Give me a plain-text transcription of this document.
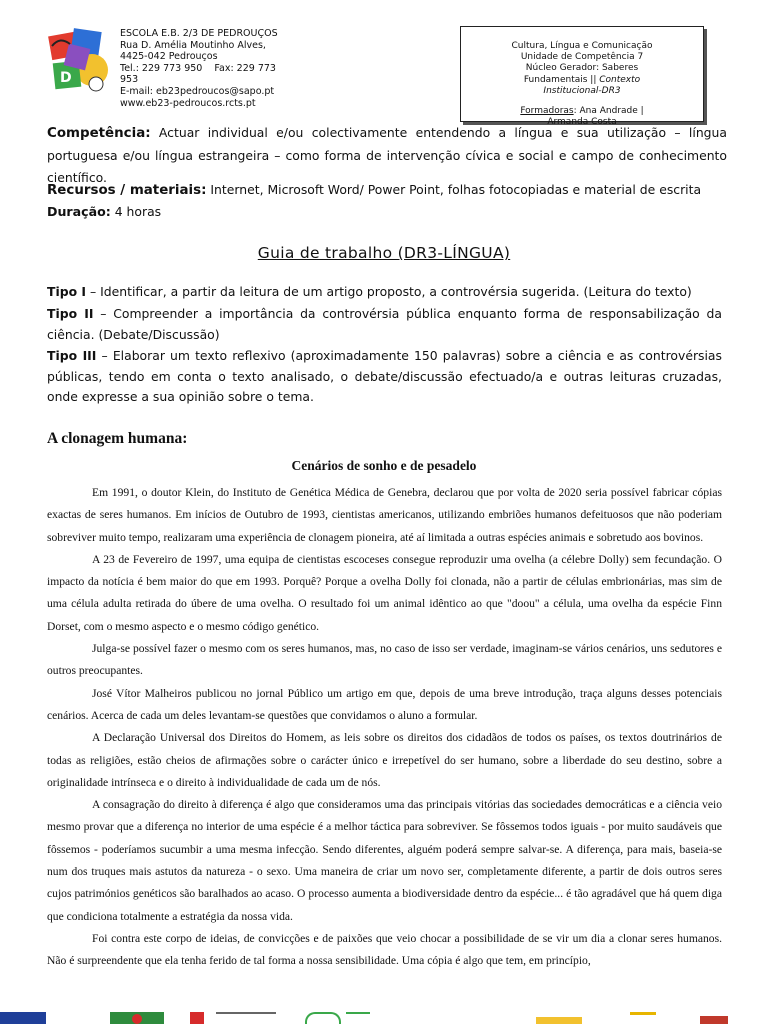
D
ESCOLA E.B. 2/3 DE PEDROUÇOS
Rua D. Amélia Moutinho Alves,
4425-042 Pedrouços
Tel.: 229 773 950    Fax: 229 773
953
E-mail: eb23pedroucos@sapo.pt
www.eb23-pedroucos.rcts.pt
Cultura, Língua e Comunicação
Unidade de Competência 7
Núcleo Gerador: Saberes
Fundamentais || Contexto
Institucional-DR3
Formadoras: Ana Andrade |
Armanda Costa
Competência: Actuar individual e/ou colectivamente entendendo a língua e sua utilização – língua portuguesa e/ou língua estrangeira – como forma de intervenção cívica e social e campo de conhecimento científico.
Recursos / materiais: Internet, Microsoft Word/ Power Point, folhas fotocopiadas e material de escrita
Duração: 4 horas
Guia de trabalho (DR3-LÍNGUA)
Tipo I – Identificar, a partir da leitura de um artigo proposto, a controvérsia sugerida. (Leitura do texto)
Tipo II – Compreender a importância da controvérsia pública enquanto forma de responsabilização da ciência. (Debate/Discussão)
Tipo III – Elaborar um texto reflexivo (aproximadamente 150 palavras) sobre a ciência e as controvérsias públicas, tendo em conta o texto analisado, o debate/discussão efectuado/a e outras leituras cruzadas, onde expresse a sua opinião sobre o tema.
A clonagem humana:
Cenários de sonho e de pesadelo

Em 1991, o doutor Klein, do Instituto de Genética Médica de Genebra, declarou que por volta de 2020 seria possível fabricar cópias exactas de seres humanos. Em inícios de Outubro de 1993, cientistas americanos, utilizando embriões humanos defeituosos que não poderiam sobreviver muito tempo, realizaram uma experiência de clonagem pioneira, até aí limitada a outras espécies animais e sobretudo aos bovinos.

A 23 de Fevereiro de 1997, uma equipa de cientistas escoceses consegue reproduzir uma ovelha (a célebre Dolly) sem fecundação. O impacto da notícia é bem maior do que em 1993. Porquê? Porque a ovelha Dolly foi clonada, não a partir de células embrionárias, mas sim de uma célula adulta retirada do úbere de uma ovelha. O resultado foi um animal idêntico ao que "doou" a célula, uma ovelha da espécie Finn Dorset, com o mesmo aspecto e o mesmo código genético.

Julga-se possível fazer o mesmo com os seres humanos, mas, no caso de isso ser verdade, imaginam-se vários cenários, uns sedutores e outros preocupantes.

José Vítor Malheiros publicou no jornal Público um artigo em que, depois de uma breve introdução, traça alguns desses potenciais cenários. Acerca de cada um deles levantam-se questões que convidamos o aluno a formular.

A Declaração Universal dos Direitos do Homem, as leis sobre os direitos dos cidadãos de todos os países, os textos doutrinários de todas as religiões, estão cheios de afirmações sobre o carácter único e irrepetível do ser humano, sobre a liberdade do seu destino, sobre a originalidade intrínseca e o direito à individualidade de cada um de nós.

A consagração do direito à diferença é algo que consideramos uma das principais vitórias das sociedades democráticas e a ciência veio mesmo provar que a diferença no interior de uma espécie é a melhor táctica para sobreviver. Se fôssemos todos iguais - por muito saudáveis que fôssemos - poderíamos sucumbir a uma mesma infecção. Sendo diferentes, alguém poderá sempre salvar-se. A diferença, para mais, baseia-se num dos truques mais astutos da natureza - o sexo. Uma maneira de criar um novo ser, completamente diferente, a partir de dois outros seres cujos patrimónios genéticos são baralhados ao acaso. O processo aumenta a biodiversidade dentro da espécie... é tão agradável que há quem diga que condiciona totalmente a estratégia da nossa vida.

Foi contra este corpo de ideias, de convicções e de paixões que veio chocar a possibilidade de se vir um dia a clonar seres humanos. Não é surpreendente que ela tenha ferido de tal forma a nossa sensibilidade. Uma cópia é algo que tem, em princípio,
